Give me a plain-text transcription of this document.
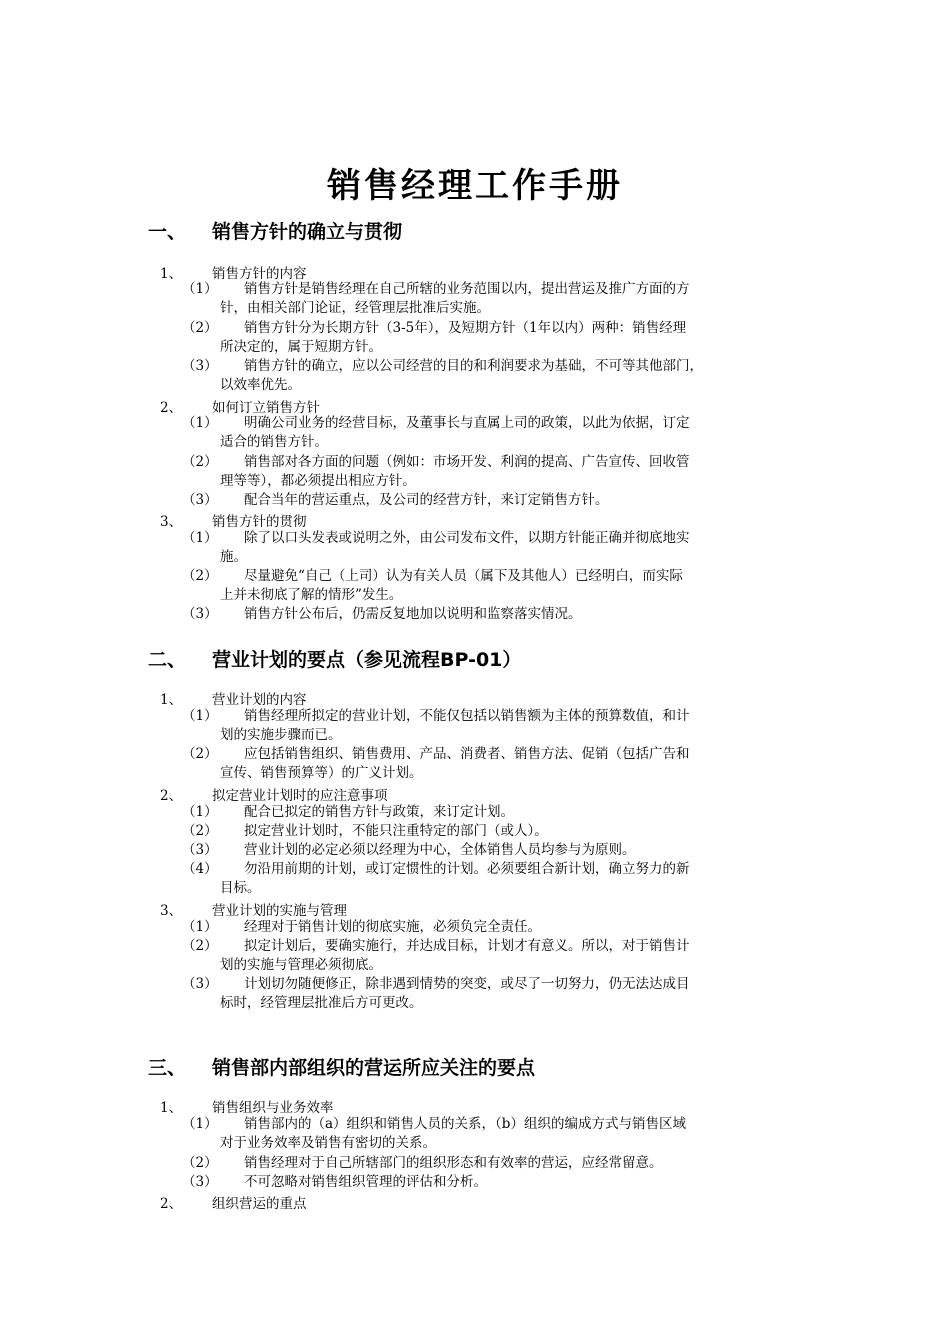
销售经理工作手册
一、 销售方针的确立与贯彻
1、 销售方针的内容
（1）	销售方针是销售经理在自己所辖的业务范围以内，提出营运及推广方面的方
针，由相关部门论证，经管理层批准后实施。
（2）	销售方针分为长期方针（3-5年），及短期方针（1年以内）两种：销售经理
所决定的，属于短期方针。
（3）	销售方针的确立，应以公司经营的目的和利润要求为基础，不可等其他部门，
以效率优先。
2、 如何订立销售方针
（1）	明确公司业务的经营目标，及董事长与直属上司的政策，以此为依据，订定
适合的销售方针。
（2）	销售部对各方面的问题（例如：市场开发、利润的提高、广告宣传、回收管
理等等），都必须提出相应方针。
（3）	配合当年的营运重点，及公司的经营方针，来订定销售方针。
3、 销售方针的贯彻
（1）	除了以口头发表或说明之外，由公司发布文件，以期方针能正确并彻底地实
施。
（2）	尽量避免“自己（上司）认为有关人员（属下及其他人）已经明白，而实际
上并未彻底了解的情形”发生。
（3）	销售方针公布后，仍需反复地加以说明和监察落实情况。
二、 营业计划的要点（参见流程BP-01）
1、 营业计划的内容
（1）	销售经理所拟定的营业计划，不能仅包括以销售额为主体的预算数值，和计
划的实施步骤而已。
（2）	应包括销售组织、销售费用、产品、消费者、销售方法、促销（包括广告和
宣传、销售预算等）的广义计划。
2、 拟定营业计划时的应注意事项
（1）	配合已拟定的销售方针与政策，来订定计划。
（2）	拟定营业计划时，不能只注重特定的部门（或人）。
（3）	营业计划的必定必须以经理为中心，全体销售人员均参与为原则。
（4）	勿沿用前期的计划，或订定惯性的计划。必须要组合新计划，确立努力的新
目标。
3、 营业计划的实施与管理
（1）	经理对于销售计划的彻底实施，必须负完全责任。
（2）	拟定计划后，要确实施行，并达成目标，计划才有意义。所以，对于销售计
划的实施与管理必须彻底。
（3）	计划切勿随便修正，除非遇到情势的突变，或尽了一切努力，仍无法达成目
标时，经管理层批准后方可更改。
三、 销售部内部组织的营运所应关注的要点
1、 销售组织与业务效率
（1）	销售部内的（a）组织和销售人员的关系，（b）组织的编成方式与销售区域
对于业务效率及销售有密切的关系。
（2）	销售经理对于自己所辖部门的组织形态和有效率的营运，应经常留意。
（3）	不可忽略对销售组织管理的评估和分析。
2、 组织营运的重点
